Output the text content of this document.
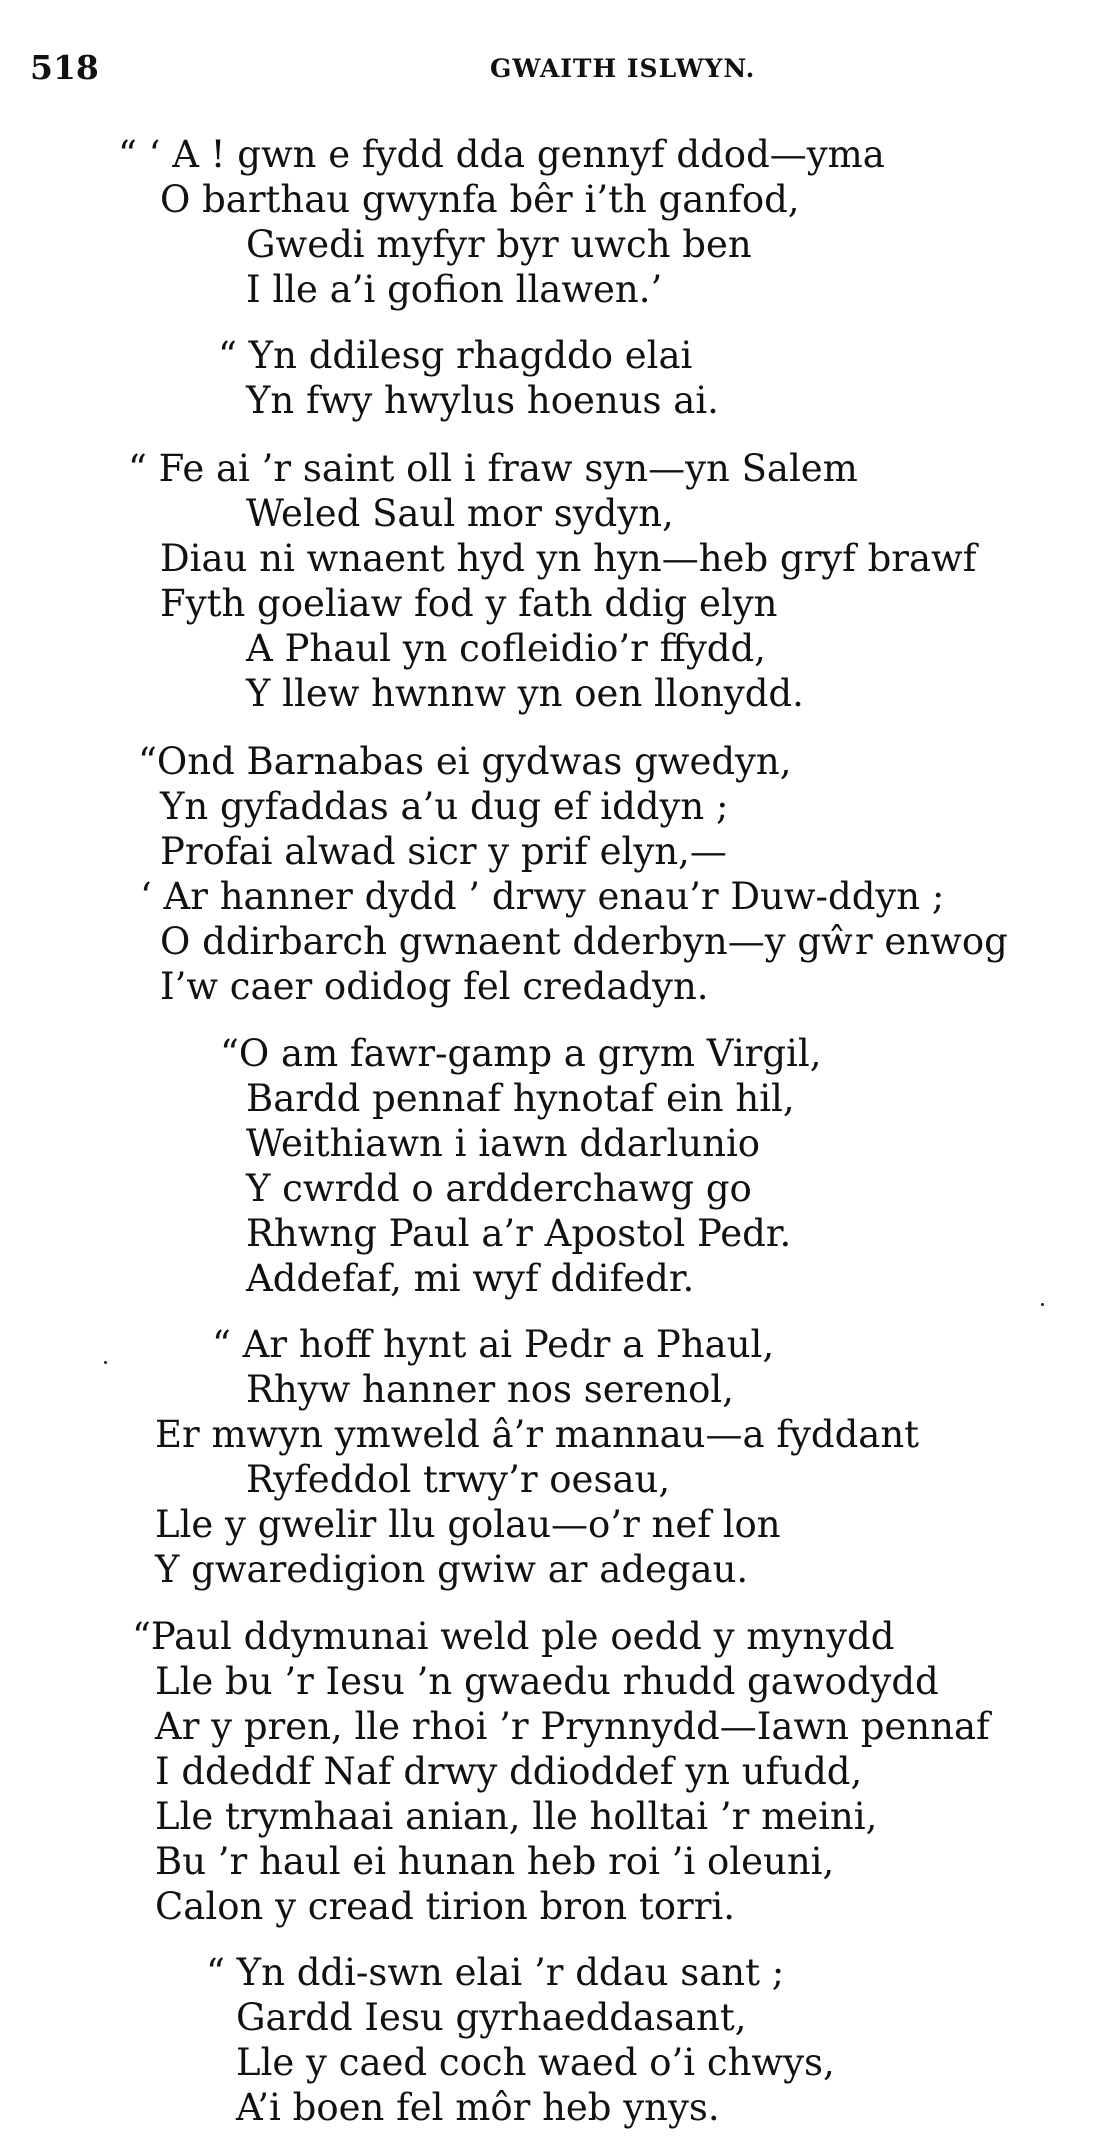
518	GWAITH ISLWYN.
“ ‘ A ! gwn e fydd dda gennyf ddod—yma
O barthau gwynfa bêr i’th ganfod,
Gwedi myfyr byr uwch ben
I lle a’i gofion llawen.’
“ Yn ddilesg rhagddo elai
Yn fwy hwylus hoenus ai.
“ Fe ai ’r saint oll i fraw syn—yn Salem
Weled Saul mor sydyn,
Diau ni wnaent hyd yn hyn—heb gryf brawf
Fyth goeliaw fod y fath ddig elyn
A Phaul yn cofleidio’r ffydd,
Y llew hwnnw yn oen llonydd.
“Ond Barnabas ei gydwas gwedyn,
Yn gyfaddas a’u dug ef iddyn ;
Profai alwad sicr y prif elyn,—
‘ Ar hanner dydd ’ drwy enau’r Duw-ddyn ;
O ddirbarch gwnaent dderbyn—y gŵr enwog
I’w caer odidog fel credadyn.
“O am fawr-gamp a grym Virgil,
Bardd pennaf hynotaf ein hil,
Weithiawn i iawn ddarlunio
Y cwrdd o ardderchawg go
Rhwng Paul a’r Apostol Pedr.
Addefaf, mi wyf ddifedr.
“ Ar hoff hynt ai Pedr a Phaul,
Rhyw hanner nos serenol,
Er mwyn ymweld â’r mannau—a fyddant
Ryfeddol trwy’r oesau,
Lle y gwelir llu golau—o’r nef lon
Y gwaredigion gwiw ar adegau.
“Paul ddymunai weld ple oedd y mynydd
Lle bu ’r Iesu ’n gwaedu rhudd gawodydd
Ar y pren, lle rhoi ’r Prynnydd—Iawn pennaf
I ddeddf Naf drwy ddioddef yn ufudd,
Lle trymhaai anian, lle holltai ’r meini,
Bu ’r haul ei hunan heb roi ’i oleuni,
Calon y cread tirion bron torri.
“ Yn ddi-swn elai ’r ddau sant ;
Gardd Iesu gyrhaeddasant,
Lle y caed coch waed o’i chwys,
A’i boen fel môr heb ynys.
